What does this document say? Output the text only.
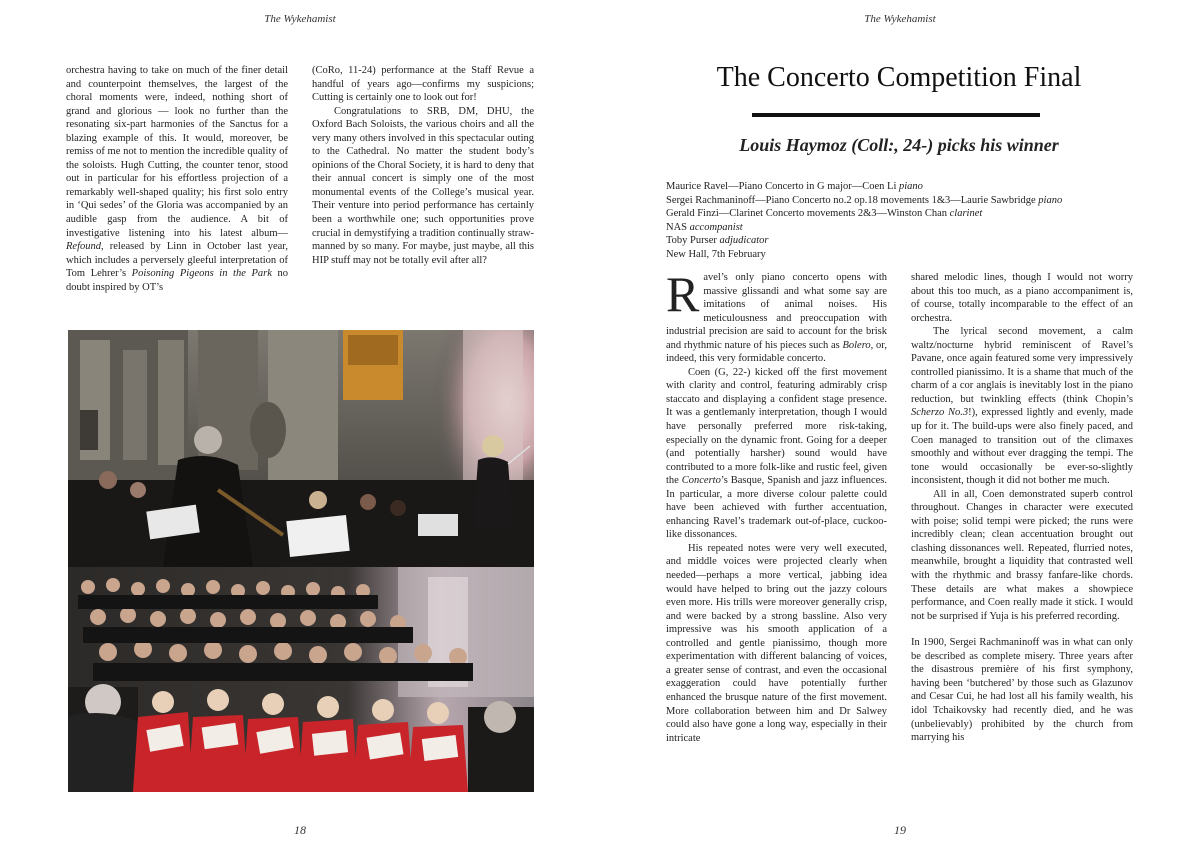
The Wykehamist

orchestra having to take on much of the finer detail and counterpoint themselves, the largest of the choral moments were, indeed, nothing short of grand and glorious — look no further than the resonating six-part harmonies of the Sanctus for a blazing example of this. It would, moreover, be remiss of me not to mention the incredible quality of the soloists. Hugh Cutting, the counter tenor, stood out in particular for his effortless projection of a remarkably well-shaped quality; his first solo entry in ‘Qui sedes’ of the Gloria was accompanied by an audible gasp from the audience. A bit of investigative listening into his latest album—Refound, released by Linn in October last year, which includes a perversely gleeful interpretation of Tom Lehrer’s Poisoning Pigeons in the Park no doubt inspired by OT’s

(CoRo, 11-24) performance at the Staff Revue a handful of years ago—confirms my suspicions; Cutting is certainly one to look out for!

Congratulations to SRB, DM, DHU, the Oxford Bach Soloists, the various choirs and all the very many others involved in this spectacular outing to the Cathedral. No matter the student body’s opinions of the Choral Society, it is hard to deny that their annual concert is simply one of the most monumental events of the College’s musical year. Their venture into period performance has certainly been a worthwhile one; such opportunities prove crucial in demystifying a tradition continually straw-manned by so many. For maybe, just maybe, all this HIP stuff may not be totally evil after all?

18
The Wykehamist
The Concerto Competition Final
Louis Haymoz (Coll:, 24-) picks his winner
Maurice Ravel—Piano Concerto in G major—Coen Li piano
Sergei Rachmaninoff—Piano Concerto no.2 op.18 movements 1&3—Laurie Sawbridge piano
Gerald Finzi—Clarinet Concerto movements 2&3—Winston Chan clarinet
NAS accompanist
Toby Purser adjudicator
New Hall, 7th February

Ravel’s only piano concerto opens with massive glissandi and what some say are imitations of animal noises. His meticulousness and preoccupation with industrial precision are said to account for the brisk and rhythmic nature of his pieces such as Bolero, or, indeed, this very formidable concerto.

Coen (G, 22-) kicked off the first movement with clarity and control, featuring admirably crisp staccato and displaying a confident stage presence. It was a gentlemanly interpretation, though I would have personally preferred more risk-taking, especially on the dynamic front. Going for a deeper (and potentially harsher) sound would have contributed to a more folk-like and rustic feel, given the Concerto’s Basque, Spanish and jazz influences. In particular, a more diverse colour palette could have been achieved with further accentuation, enhancing Ravel’s trademark out-of-place, cuckoo-like dissonances.

His repeated notes were very well executed, and middle voices were projected clearly when needed—perhaps a more vertical, jabbing idea would have helped to bring out the jazzy colours even more. His trills were moreover generally crisp, and were backed by a strong bassline. Also very impressive was his smooth application of a controlled and gentle pianissimo, though more experimentation with different balancing of voices, a greater sense of contrast, and even the occasional exaggeration could have potentially further enhanced the brusque nature of the first movement. More collaboration between him and Dr Salwey could also have gone a long way, especially in their intricate

shared melodic lines, though I would not worry about this too much, as a piano accompaniment is, of course, totally incomparable to the effect of an orchestra.

The lyrical second movement, a calm waltz/nocturne hybrid reminiscent of Ravel’s Pavane, once again featured some very impressively controlled pianissimo. It is a shame that much of the charm of a cor anglais is inevitably lost in the piano reduction, but twinkling effects (think Chopin’s Scherzo No.3!), expressed lightly and evenly, made up for it. The build-ups were also finely paced, and Coen managed to transition out of the climaxes smoothly and without ever dragging the tempi. The tone would occasionally be ever-so-slightly inconsistent, though it did not bother me much.

All in all, Coen demonstrated superb control throughout. Changes in character were executed with poise; solid tempi were picked; the runs were incredibly clean; clean accentuation brought out clashing dissonances well. Repeated, flurried notes, meanwhile, brought a liquidity that contrasted well with the rhythmic and brassy fanfare-like chords. These details are what makes a showpiece performance, and Coen really made it stick. I would not be surprised if Yuja is his preferred recording.

In 1900, Sergei Rachmaninoff was in what can only be described as complete misery. Three years after the disastrous première of his first symphony, having been ‘butchered’ by those such as Glazunov and Cesar Cui, he had lost all his family wealth, his idol Tchaikovsky had recently died, and he was (unbelievably) prohibited by the church from marrying his

19
